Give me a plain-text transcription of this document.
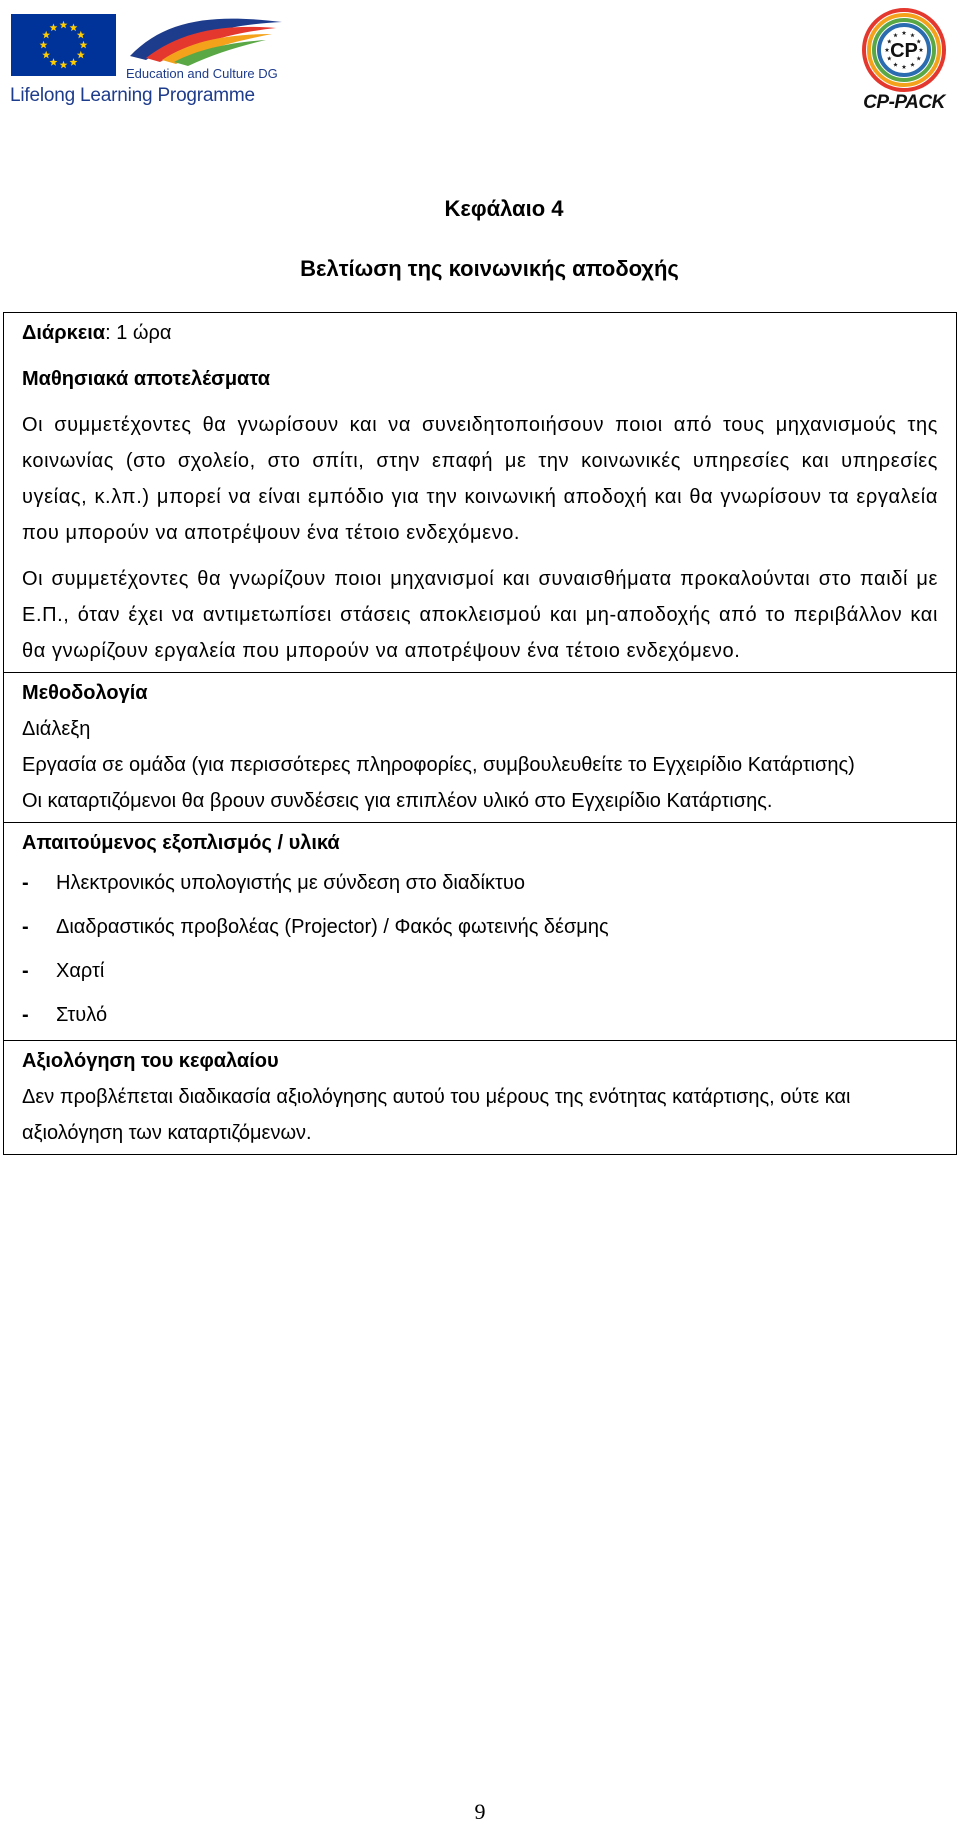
Education and Culture DG
Lifelong Learning Programme
CP
CP-PACK
Κεφάλαιο 4
Βελτίωση της κοινωνικής αποδοχής

Διάρκεια: 1 ώρα

Μαθησιακά αποτελέσματα

Οι συμμετέχοντες θα γνωρίσουν και να συνειδητοποιήσουν ποιοι από τους μηχανισμούς της κοινωνίας (στο σχολείο, στο σπίτι, στην επαφή με την κοινωνικές υπηρεσίες και υπηρεσίες υγείας, κ.λπ.) μπορεί να είναι εμπόδιο για την κοινωνική αποδοχή και θα γνωρίσουν τα εργαλεία που μπορούν να αποτρέψουν ένα τέτοιο ενδεχόμενο.

Οι συμμετέχοντες θα γνωρίζουν ποιοι μηχανισμοί και συναισθήματα προκαλούνται στο παιδί με Ε.Π., όταν έχει να αντιμετωπίσει στάσεις αποκλεισμού και μη-αποδοχής από το περιβάλλον και θα γνωρίζουν εργαλεία που μπορούν να αποτρέψουν ένα τέτοιο ενδεχόμενο.

Μεθοδολογία

Διάλεξη

Εργασία σε ομάδα (για περισσότερες πληροφορίες, συμβουλευθείτε το Εγχειρίδιο Κατάρτισης)

Οι καταρτιζόμενοι θα βρουν συνδέσεις για επιπλέον υλικό στο Εγχειρίδιο Κατάρτισης.

Απαιτούμενος εξοπλισμός / υλικά

- Ηλεκτρονικός υπολογιστής με σύνδεση στο διαδίκτυο
- Διαδραστικός προβολέας (Projector) / Φακός φωτεινής δέσμης
- Χαρτί
- Στυλό

Αξιολόγηση του κεφαλαίου

Δεν προβλέπεται διαδικασία αξιολόγησης αυτού του μέρους της ενότητας κατάρτισης, ούτε και αξιολόγηση των καταρτιζόμενων.

9
